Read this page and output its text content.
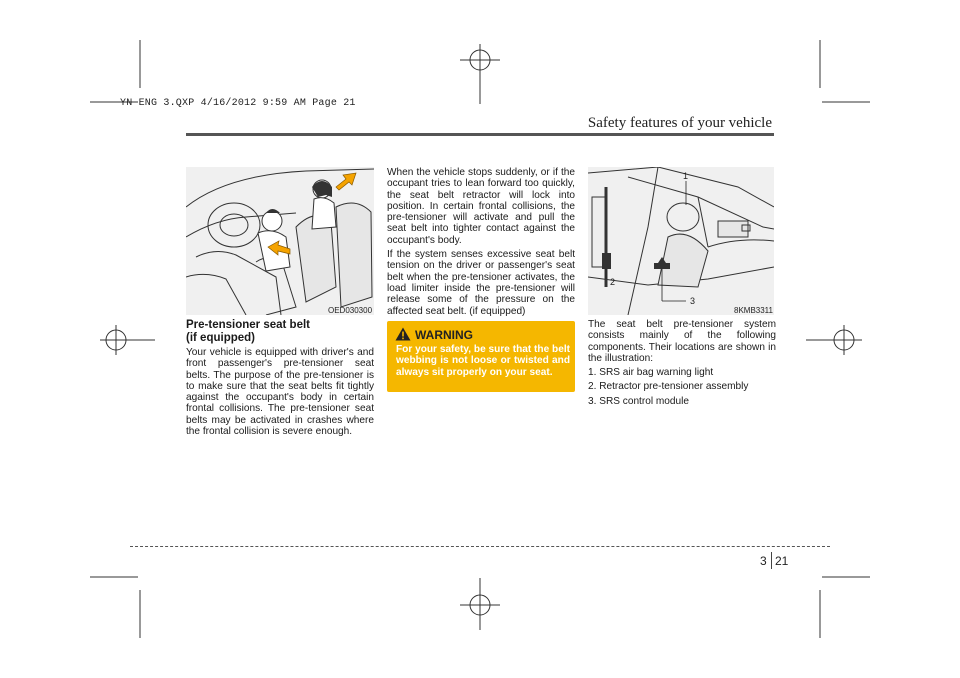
YN ENG 3.QXP 4/16/2012 9:59 AM Page 21
Safety features of your vehicle
OED030300
Pre-tensioner seat belt
(if equipped)

Your vehicle is equipped with driver's and front passenger's pre-tensioner seat belts. The purpose of the pre-tensioner is to make sure that the seat belts fit tightly against the occupant's body in certain frontal collisions. The pre-tensioner seat belts may be activated in crashes where the frontal collision is severe enough.

When the vehicle stops suddenly, or if the occupant tries to lean forward too quickly, the seat belt retractor will lock into position. In certain frontal collisions, the pre-tensioner will activate and pull the seat belt into tighter contact against the occupant's body.

If the system senses excessive seat belt tension on the driver or passenger's seat belt when the pre-tensioner activates, the load limiter inside the pre-tensioner will release some of the pressure on the affected seat belt. (if equipped)

WARNING
For your safety, be sure that the belt webbing is not loose or twisted and always sit properly on your seat.
1
2
3
8KMB3311

The seat belt pre-tensioner system consists mainly of the following components. Their locations are shown in the illustration:

1. SRS air bag warning light

2. Retractor pre-tensioner assembly

3. SRS control module

3 21
